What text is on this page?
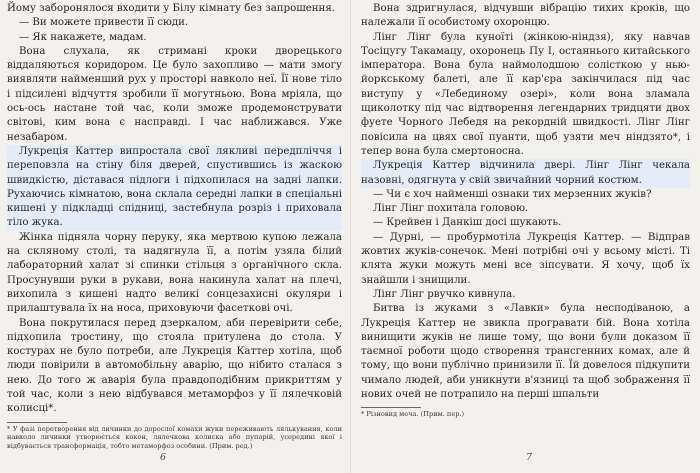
Йому заборонялося входити у Білу кімнату без запрошення.

— Ви можете привести її сюди.

— Як накажете, мадам.

Вона слухала, як стримані кроки дворецького віддаляються коридором. Це було захопливо — мати змогу виявляти найменший рух у просторі навколо неї. Її нове тіло і підсилені відчуття зробили її могутньою. Вона мріяла, що ось-ось настане той час, коли зможе продемонструвати світові, ким вона є насправді. І час наближався. Уже незабаром.

Лукреція Каттер випростала свої лякливі передпліччя і переповзла на стіну біля дверей, спустившись із жаскою швидкістю, діставася підлоги і підхопилася на задні лапки. Рухаючись кімнатою, вона склала середні лапки в спеціальні кишені у підкладці спідниці, застебнула розріз і приховала тіло жука.

Жінка підняла чорну перуку, яка мертвою купою лежала на скляному столі, та надягнула її, а потім узяла білий лабораторний халат зі спинки стільця з органічного скла. Просунувши руки в рукави, вона накинула халат на плечі, вихопила з кишені надто великі сонцезахисні окуляри і прилаштувала їх на носа, приховуючи фасеткові очі.

Вона покрутилася перед дзеркалом, аби перевірити себе, підхопила тростину, що стояла притулена до стола. У костурах не було потреби, але Лукреція Каттер хотіла, щоб люди повірили в автомобільну аварію, що нібито сталася з нею. До того ж аварія була правдоподібним прикриттям у той час, коли з нею відбувався метаморфоз у її лялечковій колисці*.

* У фазі перетворення від личинки до дорослої комахи жуки переживають лялькування, коли навколо личинки утворюється кокон, лялечкова колиска або пупарій, усередині якої і відбувається трансформація, тобто метаморфоз особини. (Прим. ред.)

6

Вона здригнулася, відчувши вібрацію тихих кроків, що належали її особистому охоронцю.

Лінг Лінг була куноїті (жінкою-ніндзя), яку навчав Тосіцугу Такамацу, охоронець Пу І, останнього китайського імператора. Вона була наймолодшою солісткою у нью-йоркському балеті, але її кар'єра закінчилася під час виступу у «Лебединому озері», коли вона зламала щиколотку під час відтворення легендарних тридцяти двох фуете Чорного Лебедя на рекордній швидкості. Лінг Лінг повісила на цвях свої пуанти, щоб узяти меч ніндзято*, і тепер вона була смертоносна.

Лукреція Каттер відчинила двері. Лінг Лінг чекала назовні, одягнута у свій звичайний чорний костюм.

— Чи є хоч найменші ознаки тих мерзенних жуків?

Лінг Лінг похитала головою.

— Крейвен і Данкіш досі шукають.

— Дурні, — пробурмотіла Лукреція Каттер. — Відправ жовтих жуків-сонечок. Мені потрібні очі у всьому місті. Ті клята жуки можуть мені все зіпсувати. Я хочу, щоб їх знайшли і знищили.

Лінг Лінг рвучко кивнула.

Битва із жуками з «Лавки» була несподіваною, а Лукреція Каттер не звикла програвати бій. Вона хотіла винищити жуків не лише тому, що вони були доказом її таємної роботи щодо створення трансгенних комах, але й тому, що вони публічно принизили її. Їй довелося підкупити чимало людей, аби уникнути в'язниці та щоб зображення її нових очей не потрапило на перші шпальти

* Різновид меча. (Прим. пер.)

7
